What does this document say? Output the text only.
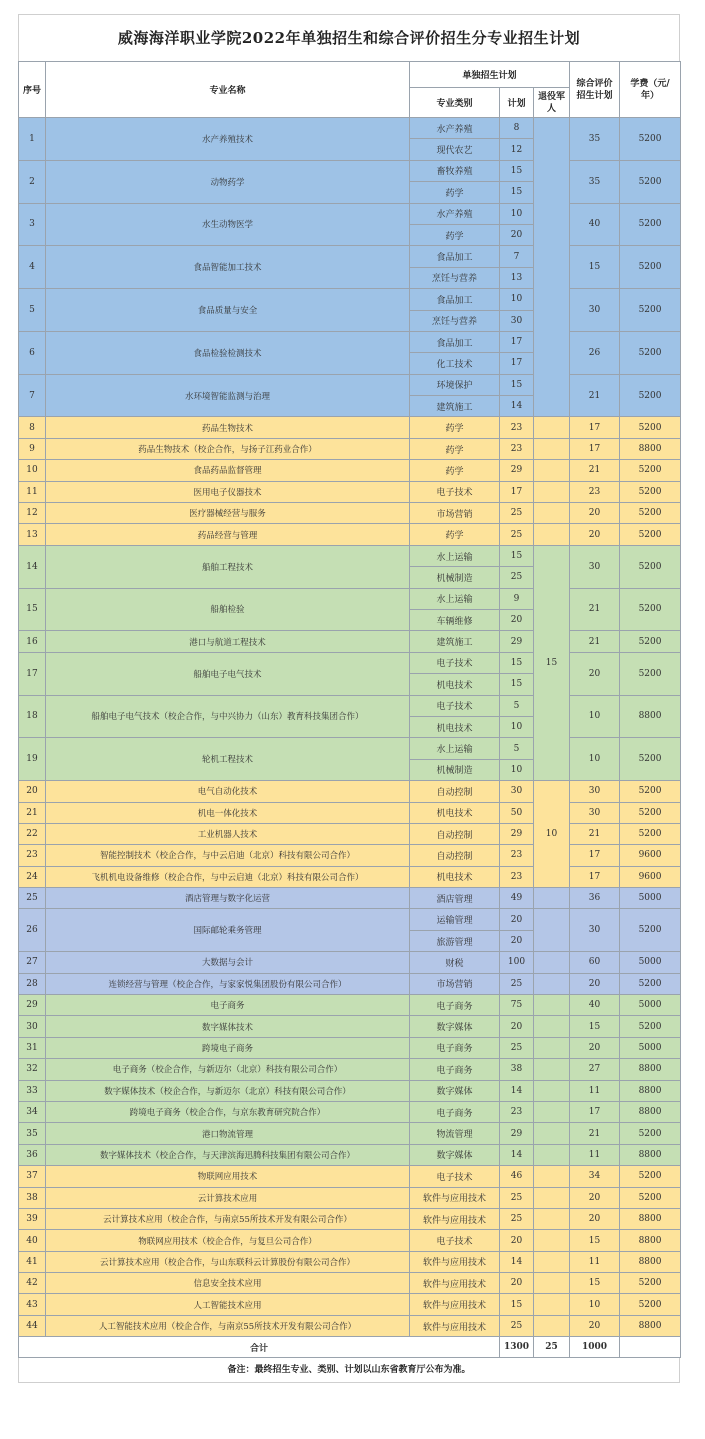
威海海洋职业学院2022年单独招生和综合评价招生分专业招生计划
序号	专业名称	单独招生计划			综合评价招生计划	学费（元/年）
		专业类别	计划	退役军人		
1	水产养殖技术	水产养殖	8		35	5200
		现代农艺	12			
2	动物药学	畜牧养殖	15		35	5200
		药学	15			
3	水生动物医学	水产养殖	10		40	5200
		药学	20			
4	食品智能加工技术	食品加工	7		15	5200
		烹饪与营养	13			
5	食品质量与安全	食品加工	10		30	5200
		烹饪与营养	30			
6	食品检验检测技术	食品加工	17		26	5200
		化工技术	17			
7	水环境智能监测与治理	环境保护	15		21	5200
		建筑施工	14			
8	药品生物技术	药学	23		17	5200
9	药品生物技术（校企合作，与扬子江药业合作）	药学	23		17	8800
10	食品药品监督管理	药学	29		21	5200
11	医用电子仪器技术	电子技术	17		23	5200
12	医疗器械经营与服务	市场营销	25		20	5200
13	药品经营与管理	药学	25		20	5200
14	船舶工程技术	水上运输	15	15	30	5200
		机械制造	25			
15	船舶检验	水上运输	9		21	5200
		车辆维修	20			
16	港口与航道工程技术	建筑施工	29		21	5200
17	船舶电子电气技术	电子技术	15		20	5200
		机电技术	15			
18	船舶电子电气技术（校企合作，与中兴协力（山东）教育科技集团合作）	电子技术	5		10	8800
		机电技术	10			
19	轮机工程技术	水上运输	5		10	5200
		机械制造	10			
20	电气自动化技术	自动控制	30	10	30	5200
21	机电一体化技术	机电技术	50		30	5200
22	工业机器人技术	自动控制	29		21	5200
23	智能控制技术（校企合作，与中云启迪（北京）科技有限公司合作）	自动控制	23		17	9600
24	飞机机电设备维修（校企合作，与中云启迪（北京）科技有限公司合作）	机电技术	23		17	9600
25	酒店管理与数字化运营	酒店管理	49		36	5000
26	国际邮轮乘务管理	运输管理	20		30	5200
		旅游管理	20			
27	大数据与会计	财税	100		60	5000
28	连锁经营与管理（校企合作，与家家悦集团股份有限公司合作）	市场营销	25		20	5200
29	电子商务	电子商务	75		40	5000
30	数字媒体技术	数字媒体	20		15	5200
31	跨境电子商务	电子商务	25		20	5000
32	电子商务（校企合作，与新迈尔（北京）科技有限公司合作）	电子商务	38		27	8800
33	数字媒体技术（校企合作，与新迈尔（北京）科技有限公司合作）	数字媒体	14		11	8800
34	跨境电子商务（校企合作，与京东教育研究院合作）	电子商务	23		17	8800
35	港口物流管理	物流管理	29		21	5200
36	数字媒体技术（校企合作，与天津滨海迅腾科技集团有限公司合作）	数字媒体	14		11	8800
37	物联网应用技术	电子技术	46		34	5200
38	云计算技术应用	软件与应用技术	25		20	5200
39	云计算技术应用（校企合作，与南京55所技术开发有限公司合作）	软件与应用技术	25		20	8800
40	物联网应用技术（校企合作，与复旦公司合作）	电子技术	20		15	8800
41	云计算技术应用（校企合作，与山东联科云计算股份有限公司合作）	软件与应用技术	14		11	8800
42	信息安全技术应用	软件与应用技术	20		15	5200
43	人工智能技术应用	软件与应用技术	15		10	5200
44	人工智能技术应用（校企合作，与南京55所技术开发有限公司合作）	软件与应用技术	25		20	8800
合计			1300	25	1000	
备注：最终招生专业、类别、计划以山东省教育厅公布为准。
